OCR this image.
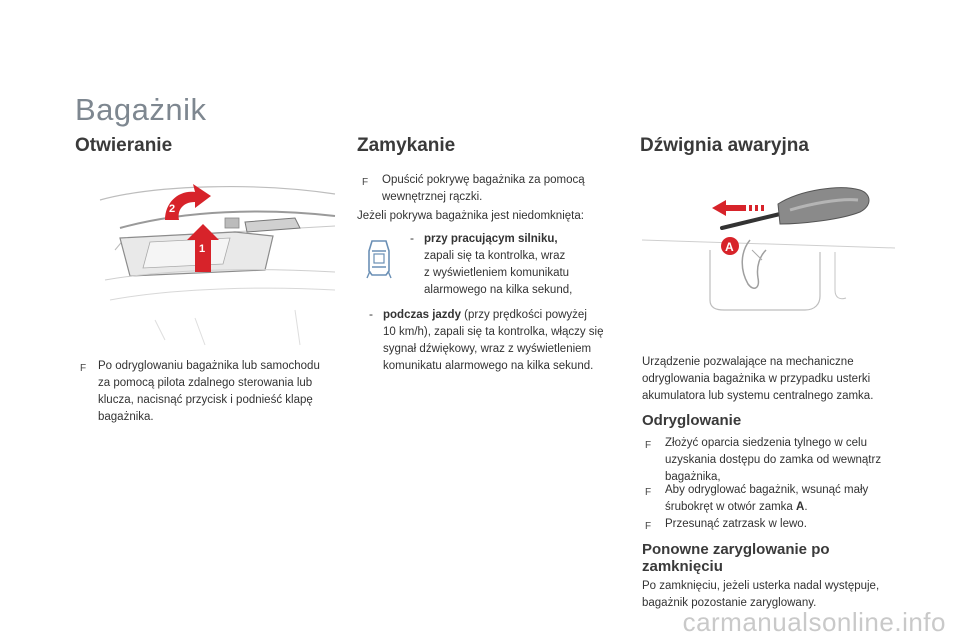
Bagażnik
Otwieranie
1
2
F Po odryglowaniu bagażnika lub samochodu
za pomocą pilota zdalnego sterowania lub
klucza, nacisnąć przycisk i podnieść klapę
bagażnika.
Zamykanie
F Opuścić pokrywę bagażnika za pomocą
wewnętrznej rączki.
Jeżeli pokrywa bagażnika jest niedomknięta:
- przy pracującym silniku,
zapali się ta kontrolka, wraz
z wyświetleniem komunikatu
alarmowego na kilka sekund,
- podczas jazdy (przy prędkości powyżej
10 km/h), zapali się ta kontrolka, włączy się
sygnał dźwiękowy, wraz z wyświetleniem
komunikatu alarmowego na kilka sekund.
Dźwignia awaryjna
A
Urządzenie pozwalające na mechaniczne
odryglowania bagażnika w przypadku usterki
akumulatora lub systemu centralnego zamka.
Odryglowanie
F Złożyć oparcia siedzenia tylnego w celu
uzyskania dostępu do zamka od wewnątrz
bagażnika,
F Aby odryglować bagażnik, wsunąć mały
śrubokręt w otwór zamka A.
F Przesunąć zatrzask w lewo.
Ponowne zaryglowanie po
zamknięciu
Po zamknięciu, jeżeli usterka nadal występuje,
bagażnik pozostanie zaryglowany.
carmanualsonline.info
